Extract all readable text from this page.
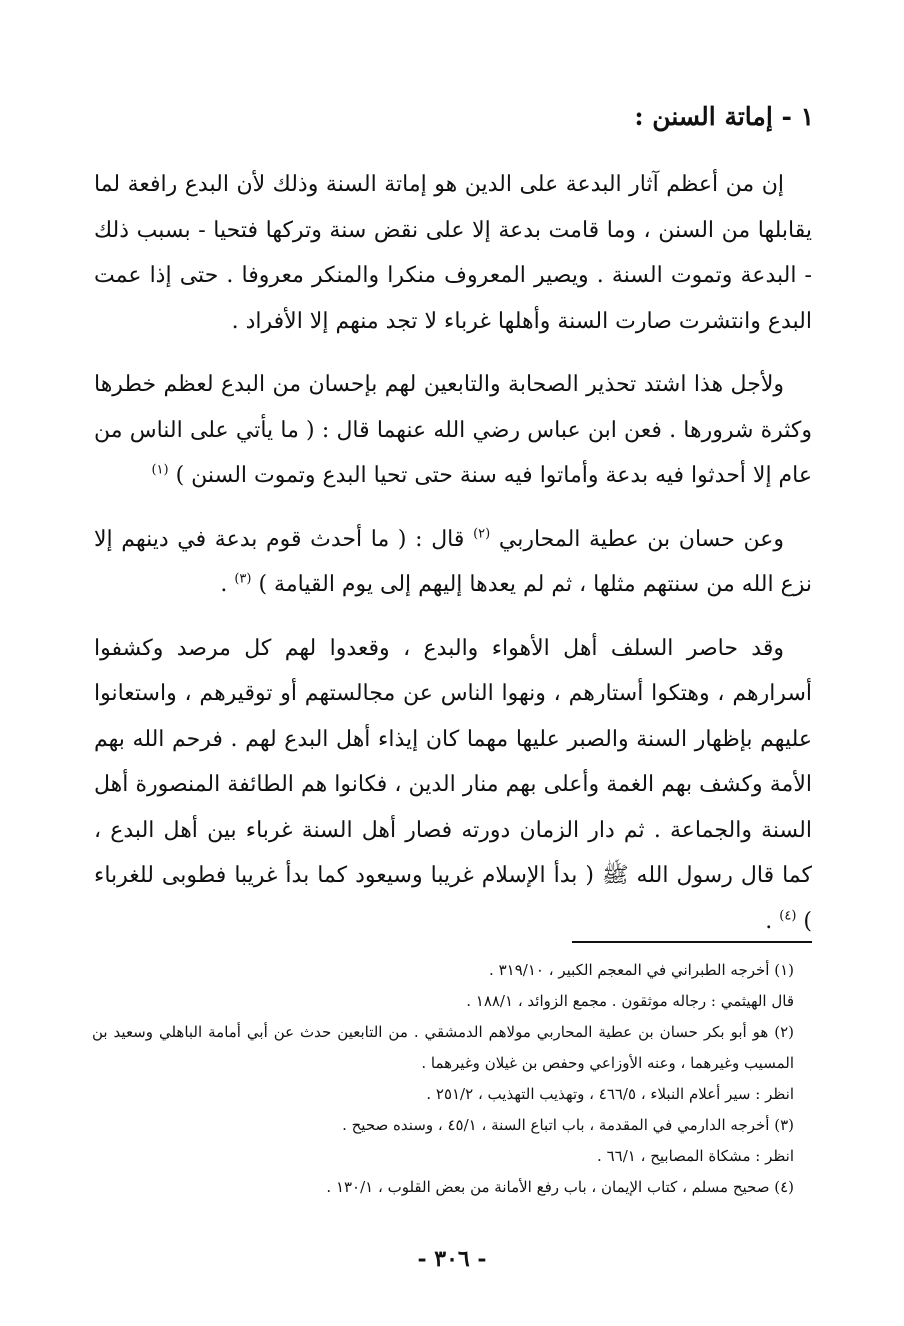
١ - إماتة السنن :

إن من أعظم آثار البدعة على الدين هو إماتة السنة وذلك لأن البدع رافعة لما يقابلها من السنن ، وما قامت بدعة إلا على نقض سنة وتركها فتحيا - بسبب ذلك - البدعة وتموت السنة . ويصير المعروف منكرا والمنكر معروفا . حتى إذا عمت البدع وانتشرت صارت السنة وأهلها غرباء لا تجد منهم إلا الأفراد .

ولأجل هذا اشتد تحذير الصحابة والتابعين لهم بإحسان من البدع لعظم خطرها وكثرة شرورها . فعن ابن عباس رضي الله عنهما قال : ( ما يأتي على الناس من عام إلا أحدثوا فيه بدعة وأماتوا فيه سنة حتى تحيا البدع وتموت السنن ) $^{(١)}$

وعن حسان بن عطية المحاربي $^{(٢)}$ قال : ( ما أحدث قوم بدعة في دينهم إلا نزع الله من سنتهم مثلها ، ثم لم يعدها إليهم إلى يوم القيامة ) $^{(٣)}$ .

وقد حاصر السلف أهل الأهواء والبدع ، وقعدوا لهم كل مرصد وكشفوا أسرارهم ، وهتكوا أستارهم ، ونهوا الناس عن مجالستهم أو توقيرهم ، واستعانوا عليهم بإظهار السنة والصبر عليها مهما كان إيذاء أهل البدع لهم . فرحم الله بهم الأمة وكشف بهم الغمة وأعلى بهم منار الدين ، فكانوا هم الطائفة المنصورة أهل السنة والجماعة . ثم دار الزمان دورته فصار أهل السنة غرباء بين أهل البدع ، كما قال رسول الله ﷺ ( بدأ الإسلام غريبا وسيعود كما بدأ غريبا فطوبى للغرباء ) $^{(٤)}$ .

(١) أخرجه الطبراني في المعجم الكبير ، ٣١٩/١٠ .

قال الهيثمي : رجاله موثقون . مجمع الزوائد ، ١٨٨/١ .

(٢) هو أبو بكر حسان بن عطية المحاربي مولاهم الدمشقي . من التابعين حدث عن أبي أمامة الباهلي وسعيد بن المسيب وغيرهما ، وعنه الأوزاعي وحفص بن غيلان وغيرهما .

انظر : سير أعلام النبلاء ، ٤٦٦/٥ ، وتهذيب التهذيب ، ٢٥١/٢ .

(٣) أخرجه الدارمي في المقدمة ، باب اتباع السنة ، ٤٥/١ ، وسنده صحيح .

انظر : مشكاة المصابيح ، ٦٦/١ .

(٤) صحيح مسلم ، كتاب الإيمان ، باب رفع الأمانة من بعض القلوب ، ١٣٠/١ .

- ٣٠٦ -
